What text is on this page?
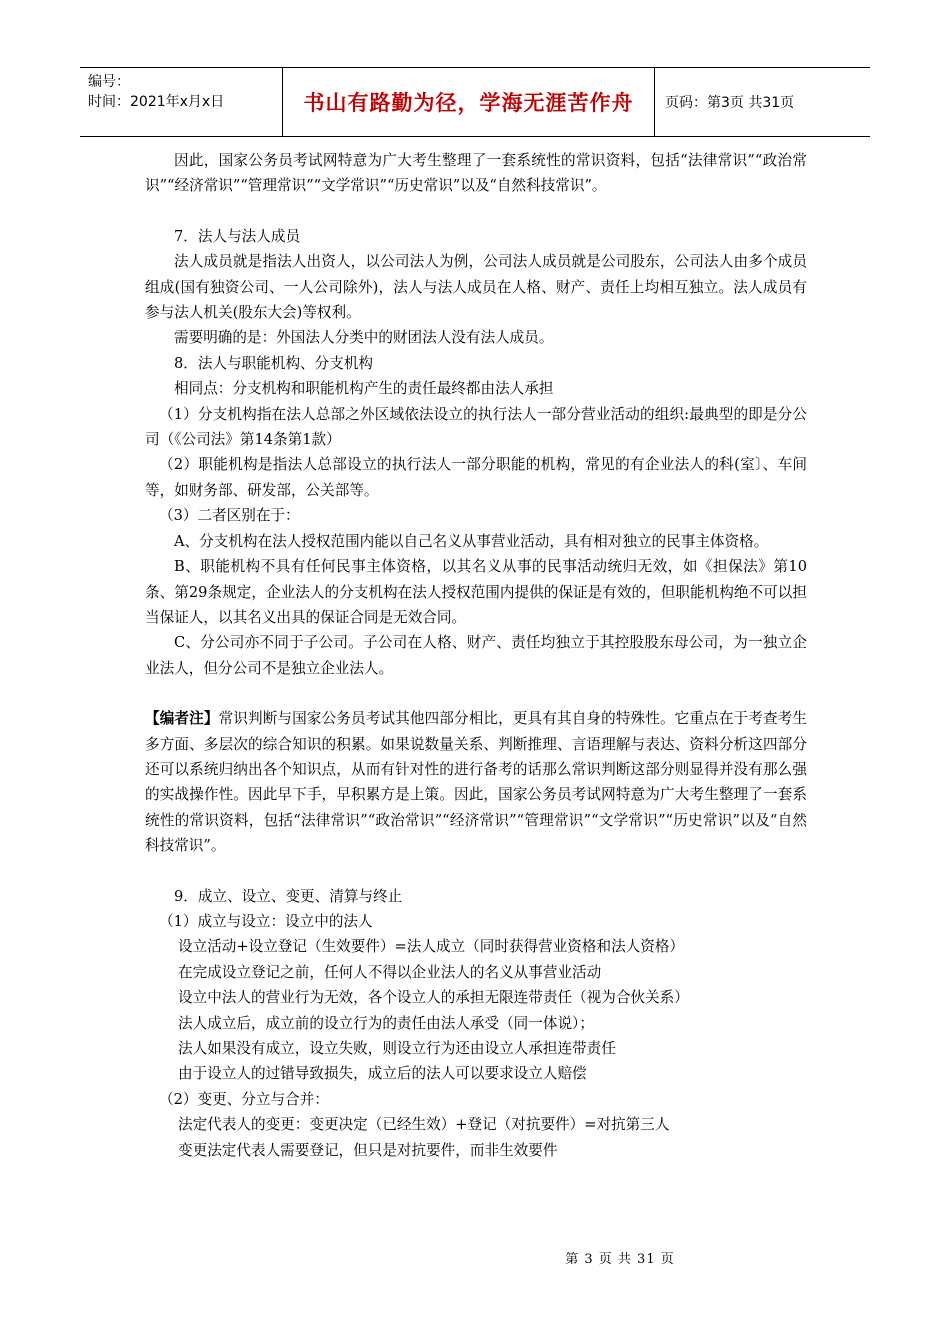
编号：
时间：2021年x月x日	书山有路勤为径，学海无涯苦作舟 页码：第3页 共31页

因此，国家公务员考试网特意为广大考生整理了一套系统性的常识资料，包括“法律常识”“政治常识”“经济常识”“管理常识”“文学常识”“历史常识”以及“自然科技常识”。

7．法人与法人成员

法人成员就是指法人出资人，以公司法人为例，公司法人成员就是公司股东，公司法人由多个成员组成(国有独资公司、一人公司除外)，法人与法人成员在人格、财产、责任上均相互独立。法人成员有参与法人机关(股东大会)等权利。

需要明确的是：外国法人分类中的财团法人没有法人成员。

8．法人与职能机构、分支机构

相同点：分支机构和职能机构产生的责任最终都由法人承担

（1）分支机构指在法人总部之外区域依法设立的执行法人一部分营业活动的组织:最典型的即是分公司（《公司法》第14条第1款）

（2）职能机构是指法人总部设立的执行法人一部分职能的机构，常见的有企业法人的科(室〕、车间等，如财务部、研发部，公关部等。

（3）二者区别在于：

A、分支机构在法人授权范围内能以自己名义从事营业活动，具有相对独立的民事主体资格。

B、职能机构不具有任何民事主体资格，以其名义从事的民事活动统归无效，如《担保法》第10条、第29条规定，企业法人的分支机构在法人授权范围内提供的保证是有效的，但职能机构绝不可以担当保证人，以其名义出具的保证合同是无效合同。

C、分公司亦不同于子公司。子公司在人格、财产、责任均独立于其控股股东母公司，为一独立企业法人，但分公司不是独立企业法人。

【编者注】常识判断与国家公务员考试其他四部分相比，更具有其自身的特殊性。它重点在于考查考生多方面、多层次的综合知识的积累。如果说数量关系、判断推理、言语理解与表达、资料分析这四部分还可以系统归纳出各个知识点，从而有针对性的进行备考的话那么常识判断这部分则显得并没有那么强的实战操作性。因此早下手，早积累方是上策。因此，国家公务员考试网特意为广大考生整理了一套系统性的常识资料，包括“法律常识”“政治常识”“经济常识”“管理常识”“文学常识”“历史常识”以及“自然科技常识”。

9．成立、设立、变更、清算与终止

（1）成立与设立：设立中的法人

设立活动+设立登记（生效要件）=法人成立（同时获得营业资格和法人资格）

在完成设立登记之前，任何人不得以企业法人的名义从事营业活动

设立中法人的营业行为无效，各个设立人的承担无限连带责任（视为合伙关系）

法人成立后，成立前的设立行为的责任由法人承受（同一体说）；

法人如果没有成立，设立失败，则设立行为还由设立人承担连带责任

由于设立人的过错导致损失，成立后的法人可以要求设立人赔偿

（2）变更、分立与合并：

法定代表人的变更：变更决定（已经生效）+登记（对抗要件）=对抗第三人

变更法定代表人需要登记，但只是对抗要件，而非生效要件

第 3 页 共 31 页
